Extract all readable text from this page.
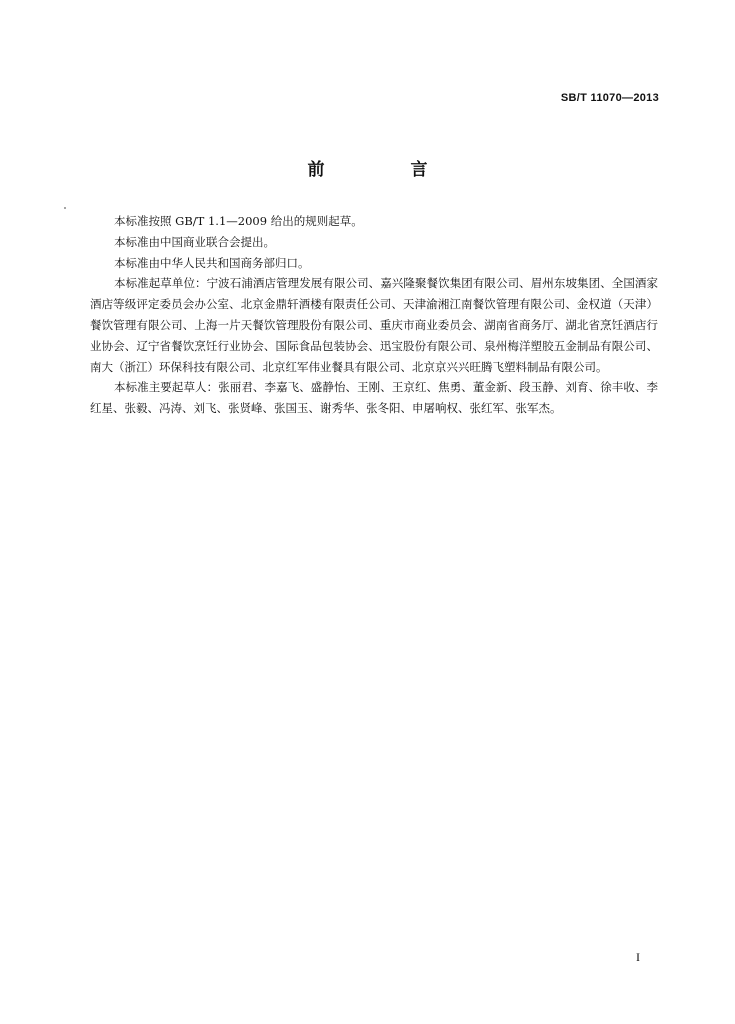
SB/T 11070—2013
前 言

本标准按照 GB/T 1.1—2009 给出的规则起草。

本标准由中国商业联合会提出。

本标准由中华人民共和国商务部归口。

本标准起草单位：宁波石浦酒店管理发展有限公司、嘉兴隆聚餐饮集团有限公司、眉州东坡集团、全国酒家酒店等级评定委员会办公室、北京金鼎轩酒楼有限责任公司、天津渝湘江南餐饮管理有限公司、金权道（天津）餐饮管理有限公司、上海一片天餐饮管理股份有限公司、重庆市商业委员会、湖南省商务厅、湖北省烹饪酒店行业协会、辽宁省餐饮烹饪行业协会、国际食品包装协会、迅宝股份有限公司、泉州梅洋塑胶五金制品有限公司、南大（浙江）环保科技有限公司、北京红军伟业餐具有限公司、北京京兴兴旺腾飞塑料制品有限公司。

本标准主要起草人：张丽君、李嘉飞、盛静怡、王刚、王京红、焦勇、董金新、段玉静、刘育、徐丰收、李红星、张毅、冯涛、刘飞、张贤峰、张国玉、谢秀华、张冬阳、申屠响权、张红军、张军杰。

I
